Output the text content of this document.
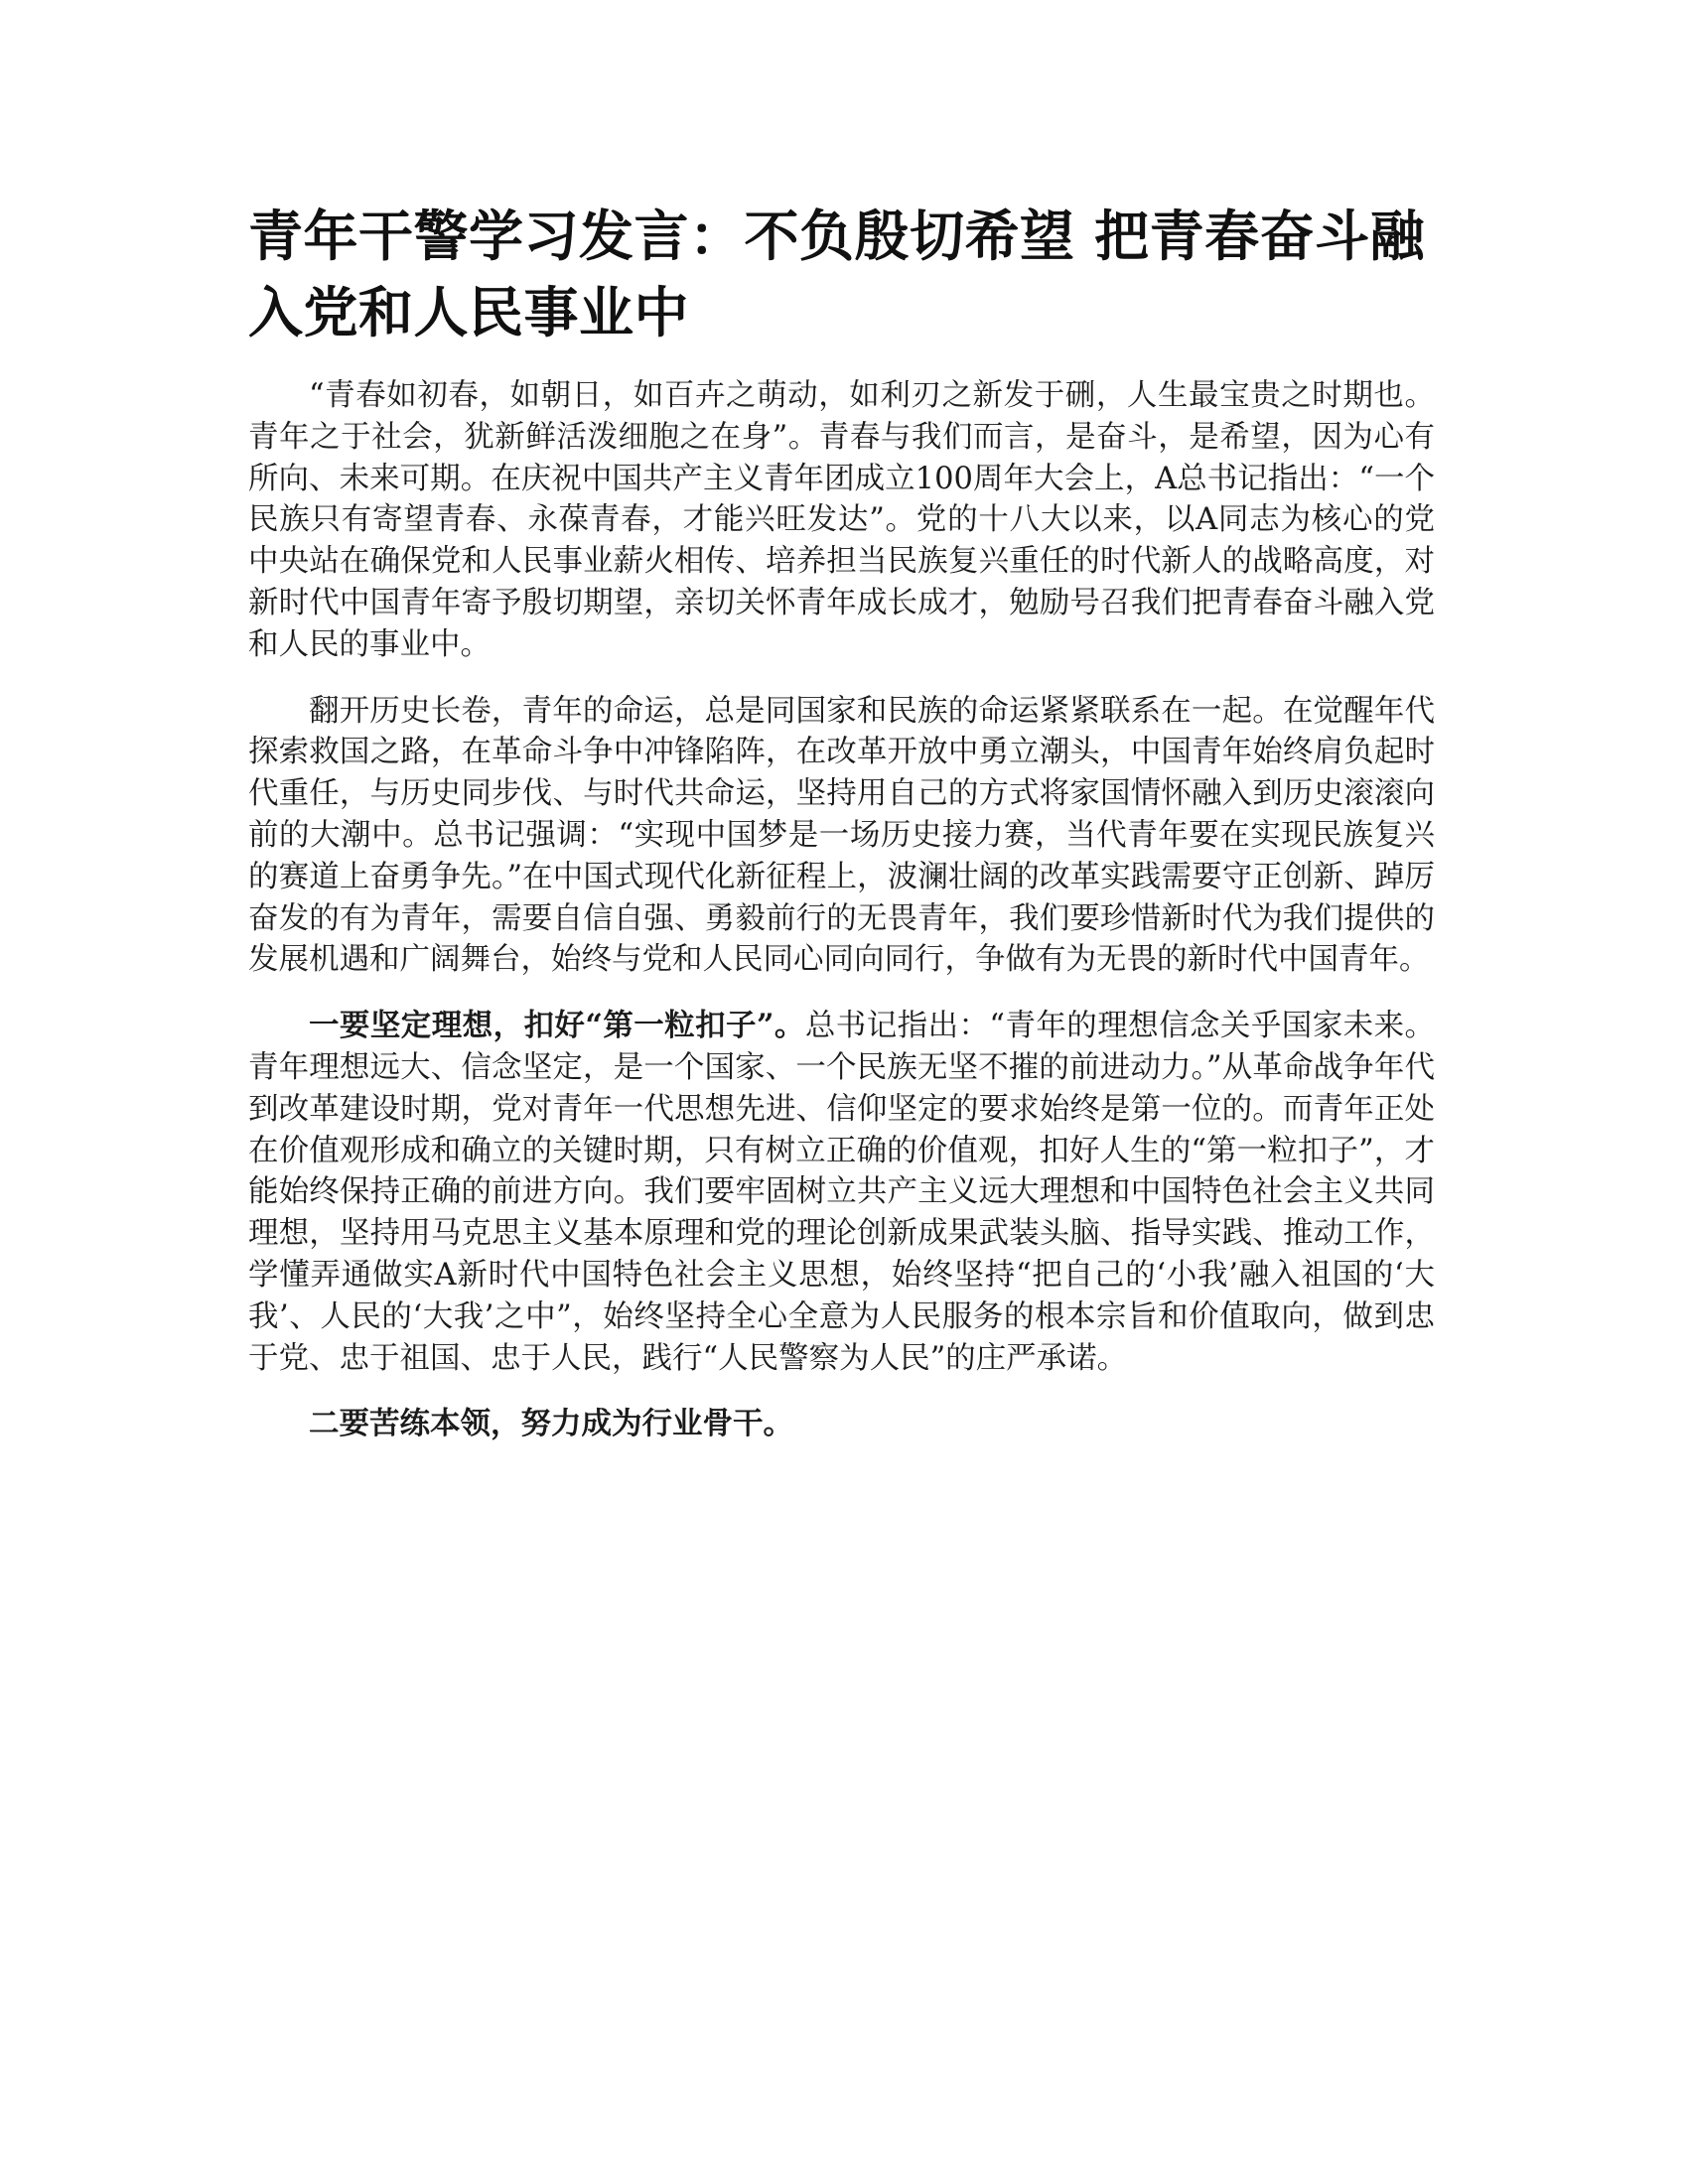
青年干警学习发言：不负殷切希望 把青春奋斗融入党和人民事业中

“青春如初春，如朝日，如百卉之萌动，如利刃之新发于硎，人生最宝贵之时期也。青年之于社会，犹新鲜活泼细胞之在身”。青春与我们而言，是奋斗，是希望，因为心有所向、未来可期。在庆祝中国共产主义青年团成立100周年大会上，A总书记指出：“一个民族只有寄望青春、永葆青春，才能兴旺发达”。党的十八大以来，以A同志为核心的党中央站在确保党和人民事业薪火相传、培养担当民族复兴重任的时代新人的战略高度，对新时代中国青年寄予殷切期望，亲切关怀青年成长成才，勉励号召我们把青春奋斗融入党和人民的事业中。

翻开历史长卷，青年的命运，总是同国家和民族的命运紧紧联系在一起。在觉醒年代探索救国之路，在革命斗争中冲锋陷阵，在改革开放中勇立潮头，中国青年始终肩负起时代重任，与历史同步伐、与时代共命运，坚持用自己的方式将家国情怀融入到历史滚滚向前的大潮中。总书记强调：“实现中国梦是一场历史接力赛，当代青年要在实现民族复兴的赛道上奋勇争先。”在中国式现代化新征程上，波澜壮阔的改革实践需要守正创新、踔厉奋发的有为青年，需要自信自强、勇毅前行的无畏青年，我们要珍惜新时代为我们提供的发展机遇和广阔舞台，始终与党和人民同心同向同行，争做有为无畏的新时代中国青年。

一要坚定理想，扣好“第一粒扣子”。总书记指出：“青年的理想信念关乎国家未来。青年理想远大、信念坚定，是一个国家、一个民族无坚不摧的前进动力。”从革命战争年代到改革建设时期，党对青年一代思想先进、信仰坚定的要求始终是第一位的。而青年正处在价值观形成和确立的关键时期，只有树立正确的价值观，扣好人生的“第一粒扣子”，才能始终保持正确的前进方向。我们要牢固树立共产主义远大理想和中国特色社会主义共同理想，坚持用马克思主义基本原理和党的理论创新成果武装头脑、指导实践、推动工作，学懂弄通做实A新时代中国特色社会主义思想，始终坚持“把自己的‘小我’融入祖国的‘大我’、人民的‘大我’之中”，始终坚持全心全意为人民服务的根本宗旨和价值取向，做到忠于党、忠于祖国、忠于人民，践行“人民警察为人民”的庄严承诺。

二要苦练本领，努力成为行业骨干。
